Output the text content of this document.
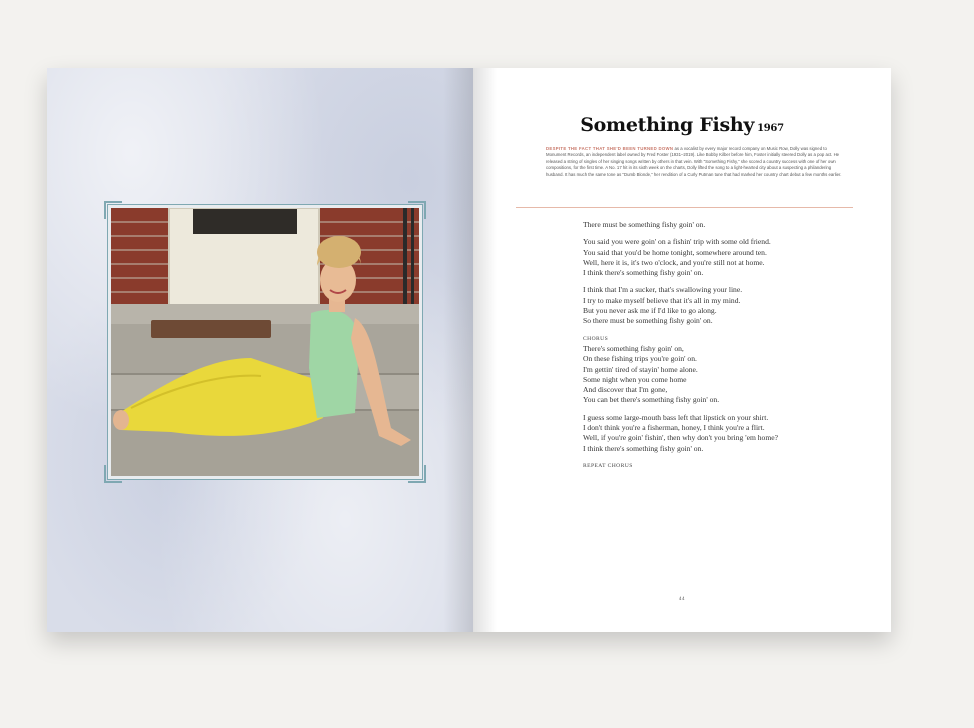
Something Fishy 1967
DESPITE THE FACT THAT SHE'D BEEN TURNED DOWN as a vocalist by every major record company on Music Row, Dolly was signed to Monument Records, an independent label owned by Fred Foster (1931–2019). Like Bobby Kilber before him, Foster initially steered Dolly as a pop act. He released a string of singles of her singing songs written by others in that vein. With "Something Fishy," she scored a country success with one of her own compositions, for the first time. A No. 17 hit in its sixth week on the charts, Dolly lifted the song to a light-hearted city about a suspecting a philandering husband. It has much the same tone as "Dumb Blonde," her rendition of a Curly Putman tune that had marked her country chart debut a few months earlier.
There must be something fishy goin' on.
You said you were goin' on a fishin' trip with some old friend.
You said that you'd be home tonight, somewhere around ten.
Well, here it is, it's two o'clock, and you're still not at home.
I think there's something fishy goin' on.
I think that I'm a sucker, that's swallowing your line.
I try to make myself believe that it's all in my mind.
But you never ask me if I'd like to go along.
So there must be something fishy goin' on.
CHORUS
There's something fishy goin' on,
On these fishing trips you're goin' on.
I'm gettin' tired of stayin' home alone.
Some night when you come home
And discover that I'm gone,
You can bet there's something fishy goin' on.
I guess some large-mouth bass left that lipstick on your shirt.
I don't think you're a fisherman, honey, I think you're a flirt.
Well, if you're goin' fishin', then why don't you bring 'em home?
I think there's something fishy goin' on.
REPEAT CHORUS
44
